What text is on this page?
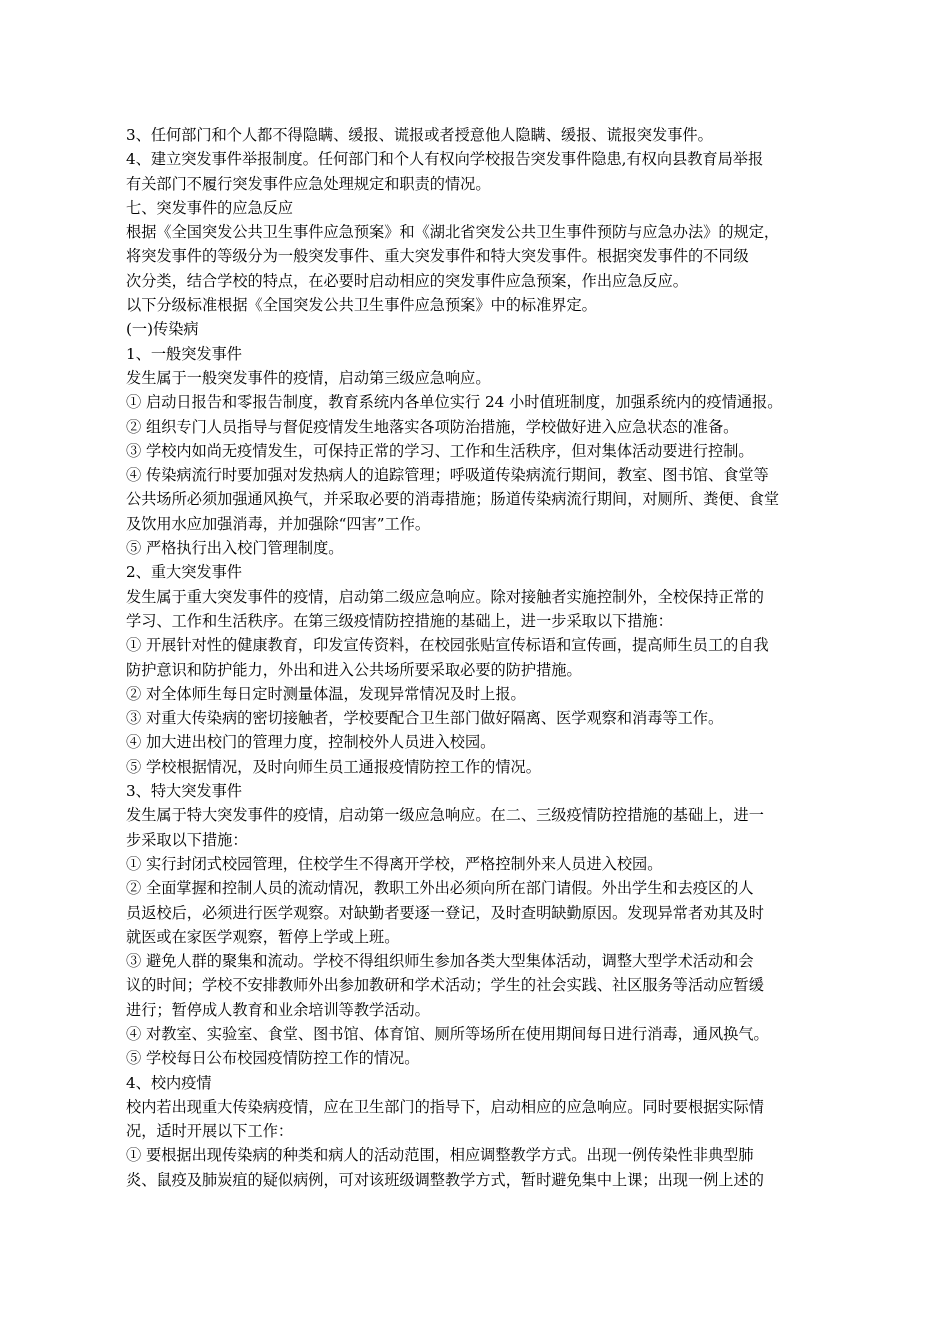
3、任何部门和个人都不得隐瞒、缓报、谎报或者授意他人隐瞒、缓报、谎报突发事件。

4、建立突发事件举报制度。任何部门和个人有权向学校报告突发事件隐患,有权向县教育局举报

有关部门不履行突发事件应急处理规定和职责的情况。

七、突发事件的应急反应

根据《全国突发公共卫生事件应急预案》和《湖北省突发公共卫生事件预防与应急办法》的规定，

将突发事件的等级分为一般突发事件、重大突发事件和特大突发事件。根据突发事件的不同级

次分类，结合学校的特点，在必要时启动相应的突发事件应急预案，作出应急反应。

以下分级标准根据《全国突发公共卫生事件应急预案》中的标准界定。

(一)传染病

1、一般突发事件

发生属于一般突发事件的疫情，启动第三级应急响应。

① 启动日报告和零报告制度，教育系统内各单位实行 24 小时值班制度，加强系统内的疫情通报。

② 组织专门人员指导与督促疫情发生地落实各项防治措施，学校做好进入应急状态的准备。

③ 学校内如尚无疫情发生，可保持正常的学习、工作和生活秩序，但对集体活动要进行控制。

④ 传染病流行时要加强对发热病人的追踪管理；呼吸道传染病流行期间，教室、图书馆、食堂等

公共场所必须加强通风换气，并采取必要的消毒措施；肠道传染病流行期间，对厕所、粪便、食堂

及饮用水应加强消毒，并加强除“四害”工作。

⑤ 严格执行出入校门管理制度。

2、重大突发事件

发生属于重大突发事件的疫情，启动第二级应急响应。除对接触者实施控制外，全校保持正常的

学习、工作和生活秩序。在第三级疫情防控措施的基础上，进一步采取以下措施：

① 开展针对性的健康教育，印发宣传资料，在校园张贴宣传标语和宣传画，提高师生员工的自我

防护意识和防护能力，外出和进入公共场所要采取必要的防护措施。

② 对全体师生每日定时测量体温，发现异常情况及时上报。

③ 对重大传染病的密切接触者，学校要配合卫生部门做好隔离、医学观察和消毒等工作。

④ 加大进出校门的管理力度，控制校外人员进入校园。

⑤ 学校根据情况，及时向师生员工通报疫情防控工作的情况。

3、特大突发事件

发生属于特大突发事件的疫情，启动第一级应急响应。在二、三级疫情防控措施的基础上，进一

步采取以下措施：

① 实行封闭式校园管理，住校学生不得离开学校，严格控制外来人员进入校园。

② 全面掌握和控制人员的流动情况，教职工外出必须向所在部门请假。外出学生和去疫区的人

员返校后，必须进行医学观察。对缺勤者要逐一登记，及时查明缺勤原因。发现异常者劝其及时

就医或在家医学观察，暂停上学或上班。

③ 避免人群的聚集和流动。学校不得组织师生参加各类大型集体活动，调整大型学术活动和会

议的时间；学校不安排教师外出参加教研和学术活动；学生的社会实践、社区服务等活动应暂缓

进行；暂停成人教育和业余培训等教学活动。

④ 对教室、实验室、食堂、图书馆、体育馆、厕所等场所在使用期间每日进行消毒，通风换气。

⑤ 学校每日公布校园疫情防控工作的情况。

4、校内疫情

校内若出现重大传染病疫情，应在卫生部门的指导下，启动相应的应急响应。同时要根据实际情

况，适时开展以下工作：

① 要根据出现传染病的种类和病人的活动范围，相应调整教学方式。出现一例传染性非典型肺

炎、鼠疫及肺炭疽的疑似病例，可对该班级调整教学方式，暂时避免集中上课；出现一例上述的
